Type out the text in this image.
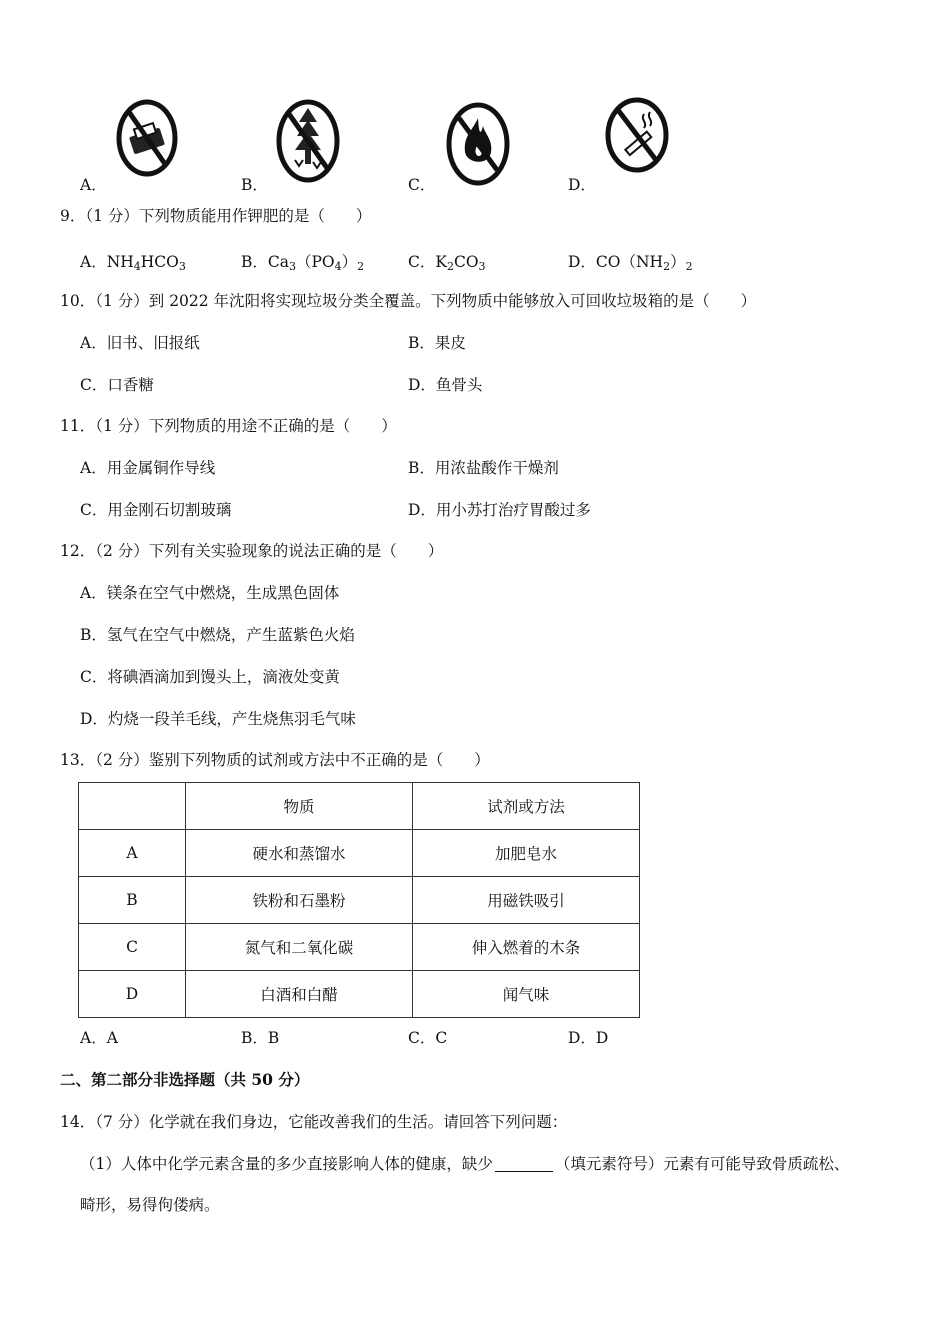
A．	B．	C．	D．
9．（1 分）下列物质能用作钾肥的是（　　）
A．$NH_4HCO_3$	B．$Ca_3(PO_4)_2$	C．$K_2CO_3$	D．$CO(NH_2)_2$
10．（1 分）到 2022 年沈阳将实现垃圾分类全覆盖。下列物质中能够放入可回收垃圾箱的是（　　）
A．旧书、旧报纸	B．果皮
C．口香糖	D．鱼骨头
11．（1 分）下列物质的用途不正确的是（　　）
A．用金属铜作导线	B．用浓盐酸作干燥剂
C．用金刚石切割玻璃	D．用小苏打治疗胃酸过多
12．（2 分）下列有关实验现象的说法正确的是（　　）
A．镁条在空气中燃烧，生成黑色固体
B．氢气在空气中燃烧，产生蓝紫色火焰
C．将碘酒滴加到馒头上，滴液处变黄
D．灼烧一段羊毛线，产生烧焦羽毛气味
13．（2 分）鉴别下列物质的试剂或方法中不正确的是（　　）
	物质	试剂或方法
A	硬水和蒸馏水	加肥皂水
B	铁粉和石墨粉	用磁铁吸引
C	氮气和二氧化碳	伸入燃着的木条
D	白酒和白醋	闻气味
A．A	B．B	C．C	D．D
二、第二部分非选择题（共 50 分）
14．（7 分）化学就在我们身边，它能改善我们的生活。请回答下列问题：
（1）人体中化学元素含量的多少直接影响人体的健康，缺少	（填元素符号）元素有可能导致骨质疏松、
畸形，易得佝偻病。
